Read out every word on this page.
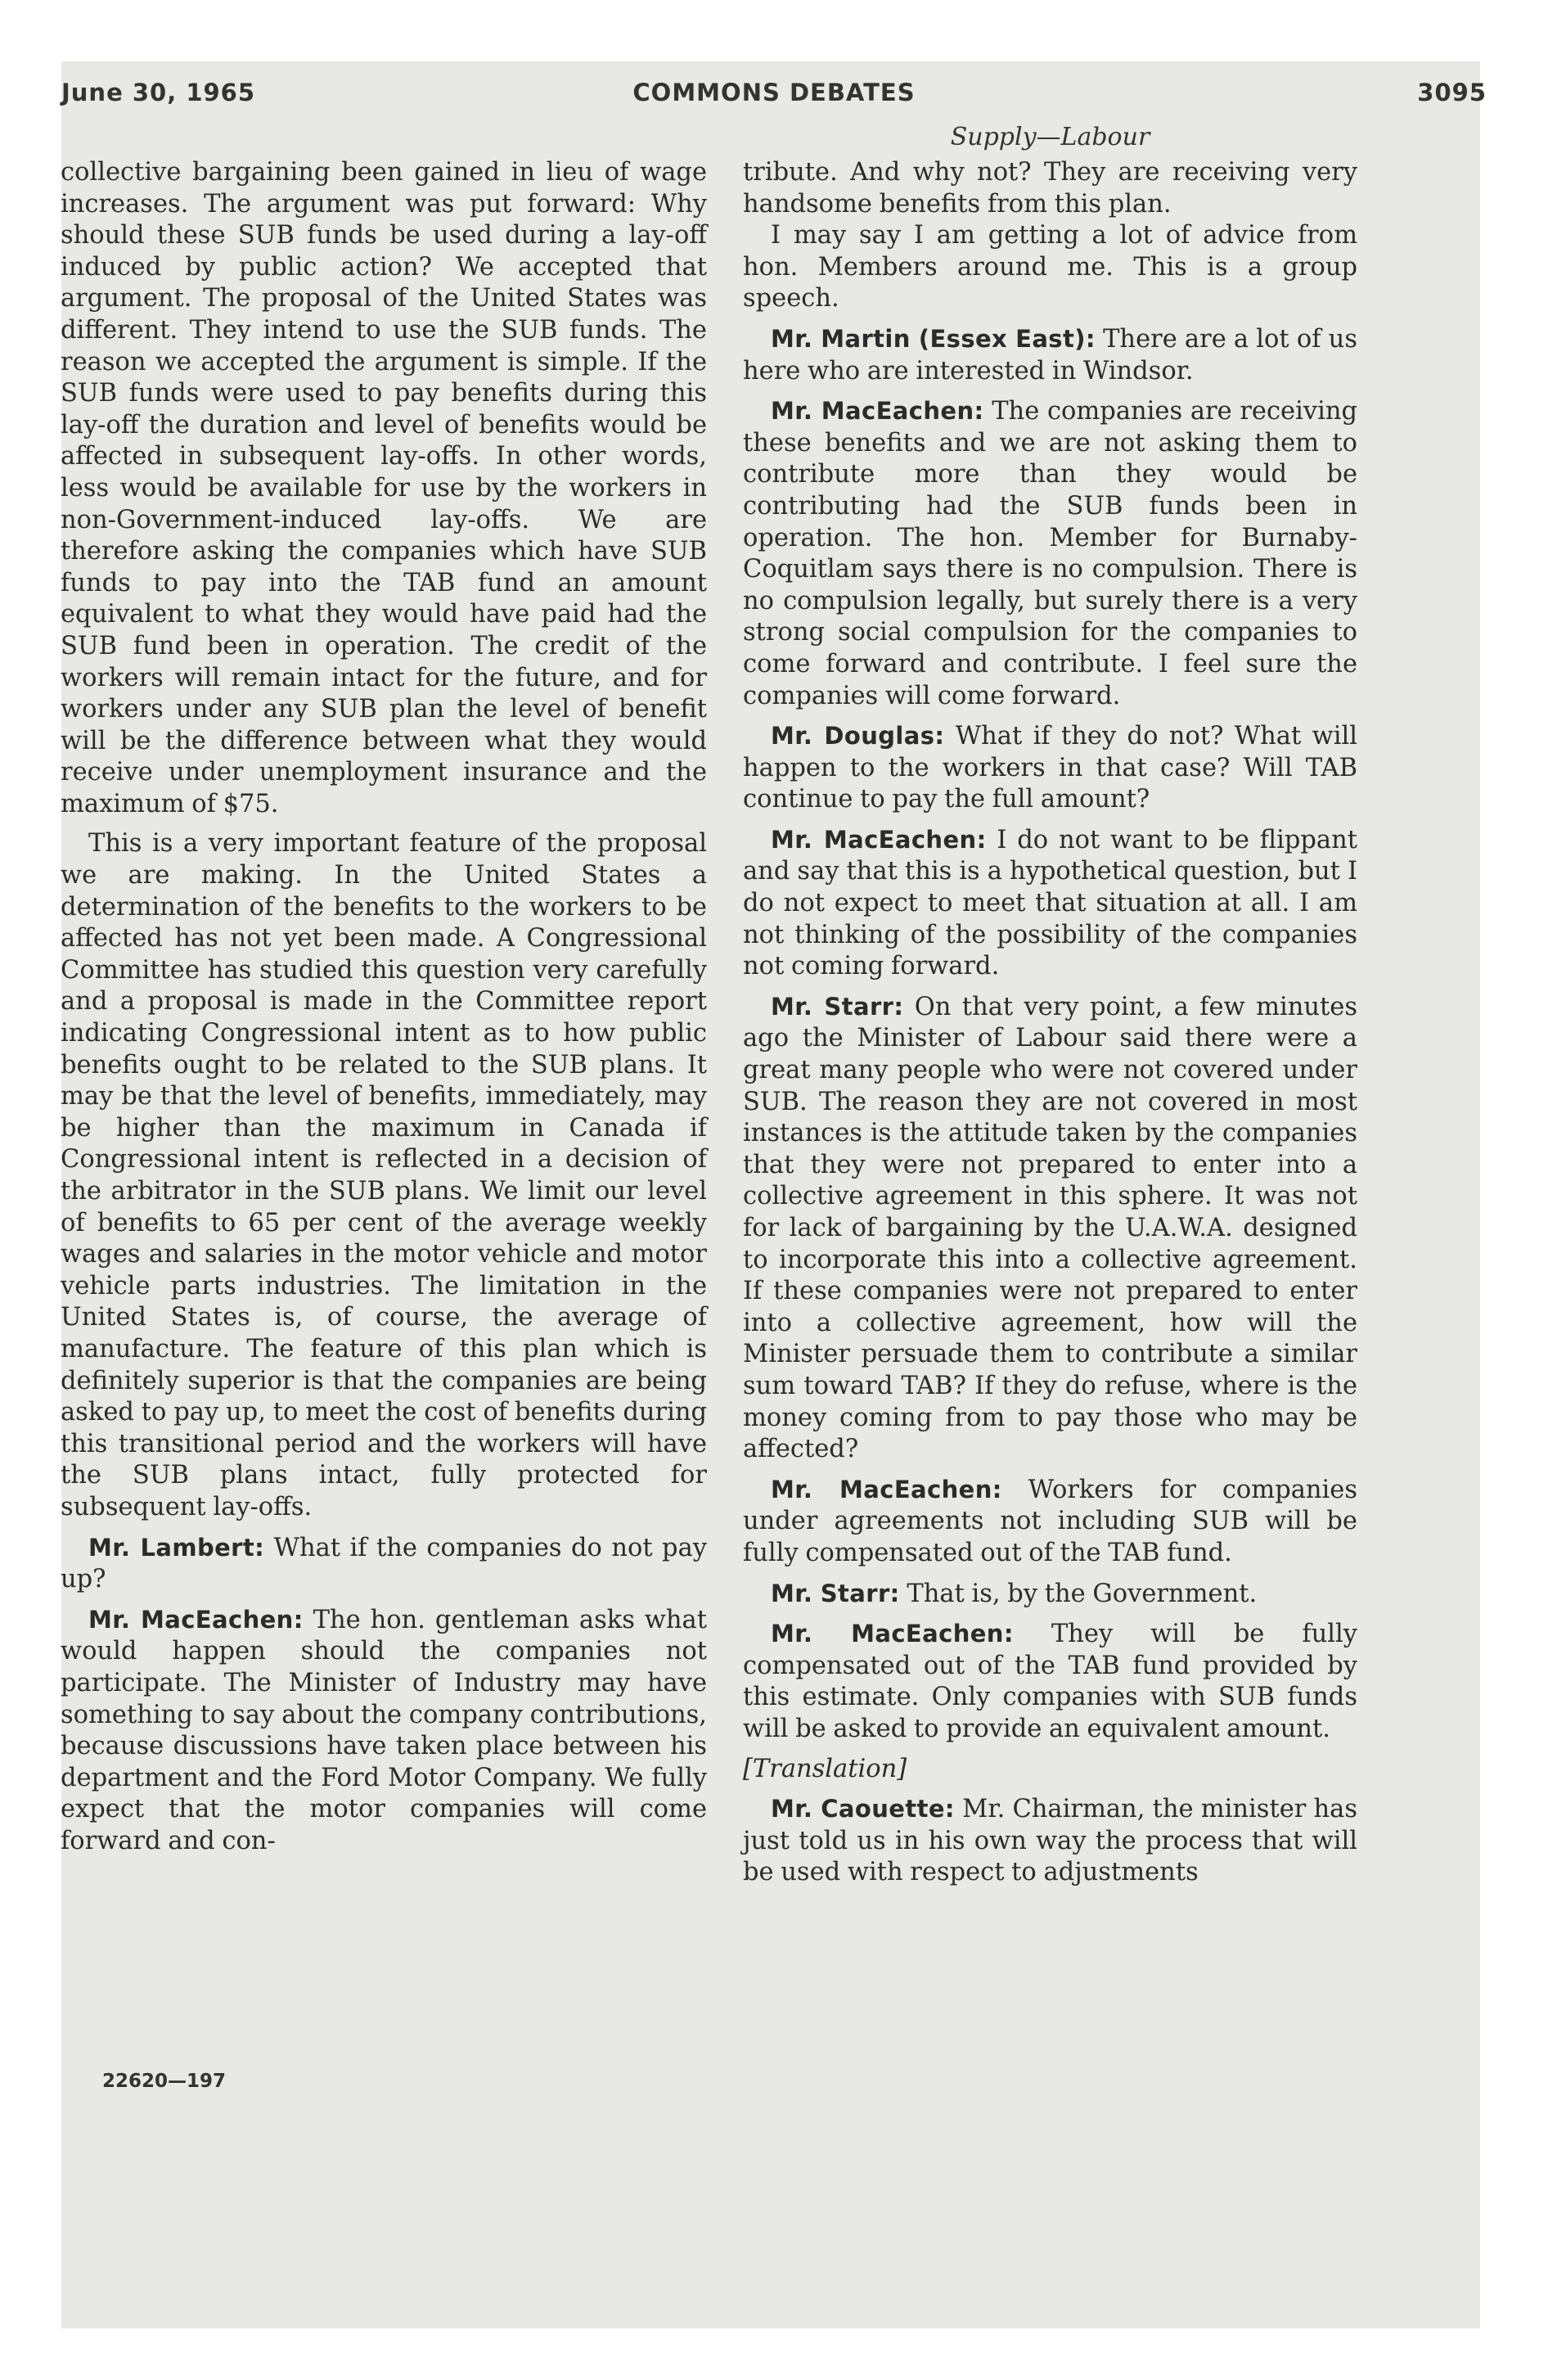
June 30, 1965	COMMONS DEBATES	3095
Supply—Labour

collective bargaining been gained in lieu of wage increases. The argument was put forward: Why should these SUB funds be used during a lay-off induced by public action? We accepted that argument. The proposal of the United States was different. They intend to use the SUB funds. The reason we accepted the argument is simple. If the SUB funds were used to pay benefits during this lay-off the duration and level of benefits would be affected in subsequent lay-offs. In other words, less would be available for use by the workers in non-Government-induced lay-offs. We are therefore asking the companies which have SUB funds to pay into the TAB fund an amount equivalent to what they would have paid had the SUB fund been in operation. The credit of the workers will remain intact for the future, and for workers under any SUB plan the level of benefit will be the difference between what they would receive under unemployment insurance and the maximum of $75.

This is a very important feature of the proposal we are making. In the United States a determination of the benefits to the workers to be affected has not yet been made. A Congressional Committee has studied this question very carefully and a proposal is made in the Committee report indicating Congressional intent as to how public benefits ought to be related to the SUB plans. It may be that the level of benefits, immediately, may be higher than the maximum in Canada if Congressional intent is reflected in a decision of the arbitrator in the SUB plans. We limit our level of benefits to 65 per cent of the average weekly wages and salaries in the motor vehicle and motor vehicle parts industries. The limitation in the United States is, of course, the average of manufacture. The feature of this plan which is definitely superior is that the companies are being asked to pay up, to meet the cost of benefits during this transitional period and the workers will have the SUB plans intact, fully protected for subsequent lay-offs.

Mr. Lambert: What if the companies do not pay up?

Mr. MacEachen: The hon. gentleman asks what would happen should the companies not participate. The Minister of Industry may have something to say about the company contributions, because discussions have taken place between his department and the Ford Motor Company. We fully expect that the motor companies will come forward and con-

tribute. And why not? They are receiving very handsome benefits from this plan.

I may say I am getting a lot of advice from hon. Members around me. This is a group speech.

Mr. Martin (Essex East): There are a lot of us here who are interested in Windsor.

Mr. MacEachen: The companies are receiving these benefits and we are not asking them to contribute more than they would be contributing had the SUB funds been in operation. The hon. Member for Burnaby-Coquitlam says there is no compulsion. There is no compulsion legally, but surely there is a very strong social compulsion for the companies to come forward and contribute. I feel sure the companies will come forward.

Mr. Douglas: What if they do not? What will happen to the workers in that case? Will TAB continue to pay the full amount?

Mr. MacEachen: I do not want to be flippant and say that this is a hypothetical question, but I do not expect to meet that situation at all. I am not thinking of the possibility of the companies not coming forward.

Mr. Starr: On that very point, a few minutes ago the Minister of Labour said there were a great many people who were not covered under SUB. The reason they are not covered in most instances is the attitude taken by the companies that they were not prepared to enter into a collective agreement in this sphere. It was not for lack of bargaining by the U.A.W.A. designed to incorporate this into a collective agreement. If these companies were not prepared to enter into a collective agreement, how will the Minister persuade them to contribute a similar sum toward TAB? If they do refuse, where is the money coming from to pay those who may be affected?

Mr. MacEachen: Workers for companies under agreements not including SUB will be fully compensated out of the TAB fund.

Mr. Starr: That is, by the Government.

Mr. MacEachen: They will be fully compensated out of the TAB fund provided by this estimate. Only companies with SUB funds will be asked to provide an equivalent amount.

[Translation]

Mr. Caouette: Mr. Chairman, the minister has just told us in his own way the process that will be used with respect to adjustments

22620—197
